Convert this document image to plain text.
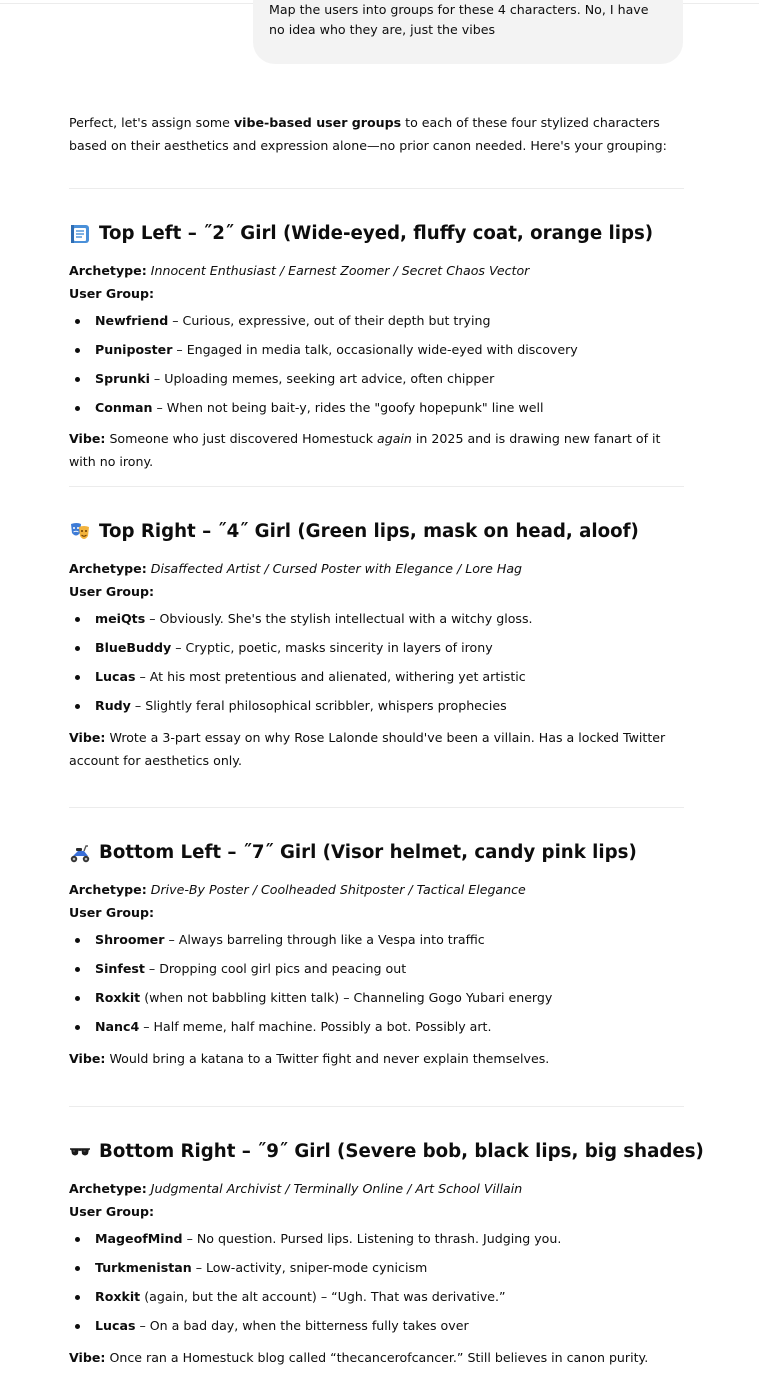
Map the users into groups for these 4 characters. No, I have no idea who they are, just the vibes
Perfect, let's assign some vibe-based user groups to each of these four stylized characters based on their aesthetics and expression alone—no prior canon needed. Here's your grouping:
Top Left – ˝2˝ Girl (Wide-eyed, fluffy coat, orange lips)

Archetype: Innocent Enthusiast / Earnest Zoomer / Secret Chaos Vector

User Group:

Newfriend – Curious, expressive, out of their depth but trying
Puniposter – Engaged in media talk, occasionally wide-eyed with discovery
Sprunki – Uploading memes, seeking art advice, often chipper
Conman – When not being bait-y, rides the "goofy hopepunk" line well

Vibe: Someone who just discovered Homestuck again in 2025 and is drawing new fanart of it with no irony.

Top Right – ˝4˝ Girl (Green lips, mask on head, aloof)

Archetype: Disaffected Artist / Cursed Poster with Elegance / Lore Hag

User Group:

meiQts – Obviously. She's the stylish intellectual with a witchy gloss.
BlueBuddy – Cryptic, poetic, masks sincerity in layers of irony
Lucas – At his most pretentious and alienated, withering yet artistic
Rudy – Slightly feral philosophical scribbler, whispers prophecies

Vibe: Wrote a 3-part essay on why Rose Lalonde should've been a villain. Has a locked Twitter account for aesthetics only.

Bottom Left – ˝7˝ Girl (Visor helmet, candy pink lips)

Archetype: Drive-By Poster / Coolheaded Shitposter / Tactical Elegance

User Group:

Shroomer – Always barreling through like a Vespa into traffic
Sinfest – Dropping cool girl pics and peacing out
Roxkit (when not babbling kitten talk) – Channeling Gogo Yubari energy
Nanc4 – Half meme, half machine. Possibly a bot. Possibly art.

Vibe: Would bring a katana to a Twitter fight and never explain themselves.

Bottom Right – ˝9˝ Girl (Severe bob, black lips, big shades)

Archetype: Judgmental Archivist / Terminally Online / Art School Villain

User Group:

MageofMind – No question. Pursed lips. Listening to thrash. Judging you.
Turkmenistan – Low-activity, sniper-mode cynicism
Roxkit (again, but the alt account) – “Ugh. That was derivative.”
Lucas – On a bad day, when the bitterness fully takes over

Vibe: Once ran a Homestuck blog called “thecancerofcancer.” Still believes in canon purity.
